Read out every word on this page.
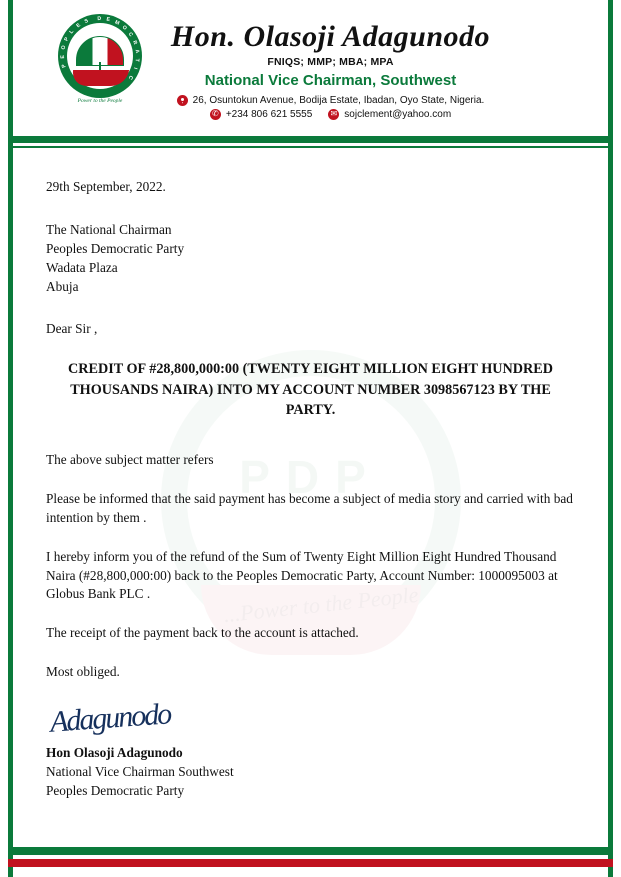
PDP
...Power to the People
P
E
O
P
L
E
S D E M
O
C
R
A
T
I
C
Power to the People
Hon. Olasoji Adagunodo
FNIQS; MMP; MBA; MPA
National Vice Chairman, Southwest
26, Osuntokun Avenue, Bodija Estate, Ibadan, Oyo State, Nigeria.
✆
+234 806 621 5555 ✉	sojclement@yahoo.com

29th September, 2022.

The National Chairman

Peoples Democratic Party

Wadata Plaza

Abuja

Dear Sir ,

CREDIT OF #28,800,000:00 (TWENTY EIGHT MILLION EIGHT HUNDRED THOUSANDS NAIRA) INTO MY ACCOUNT NUMBER 3098567123 BY THE PARTY.

The above subject matter refers

Please be informed that the said payment has become a subject of media story and carried with bad intention by them .

I hereby inform you of the refund of the Sum of Twenty Eight Million Eight Hundred Thousand Naira (#28,800,000:00) back to the Peoples Democratic Party, Account Number: 1000095003 at Globus Bank PLC .

The receipt of the payment back to the account is attached.

Most obliged.

Adagunodo

Hon Olasoji Adagunodo

National Vice Chairman Southwest

Peoples Democratic Party
